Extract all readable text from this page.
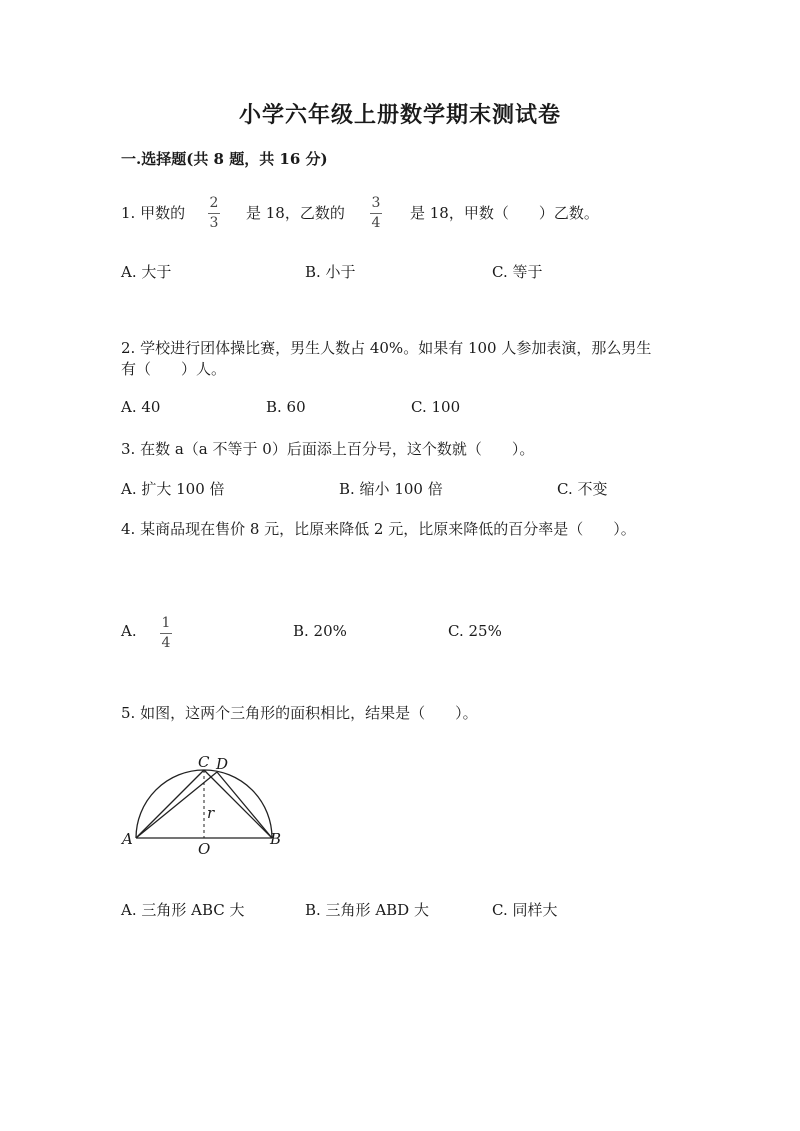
小学六年级上册数学期末测试卷
一.选择题(共 8 题，共 16 分)
1. 甲数的
2
3
是 18，乙数的
3
4
是 18，甲数（　　）乙数。
A. 大于	B. 小于	C. 等于
2. 学校进行团体操比赛，男生人数占 40%。如果有 100 人参加表演，那么男生
有（　　）人。
A. 40	B. 60	C. 100
3. 在数 a（a 不等于 0）后面添上百分号，这个数就（　　）。
A. 扩大 100 倍	B. 缩小 100 倍	C. 不变
4. 某商品现在售价 8 元，比原来降低 2 元，比原来降低的百分率是（　　）。
A. 1
4
B. 20%	C. 25%
5. 如图，这两个三角形的面积相比，结果是（　　）。
C D
A	B
O
r
A. 三角形 ABC 大	B. 三角形 ABD 大	C. 同样大
